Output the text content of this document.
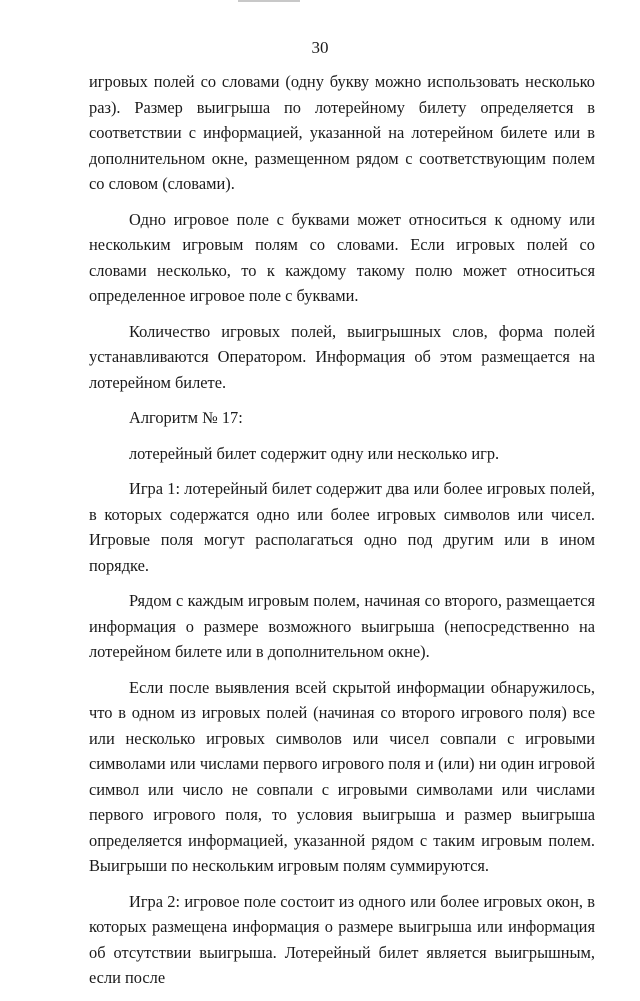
30

игровых полей со словами (одну букву можно использовать несколько раз). Размер выигрыша по лотерейному билету определяется в соответствии с информацией, указанной на лотерейном билете или в дополнительном окне, размещенном рядом с соответствующим полем со словом (словами).

Одно игровое поле с буквами может относиться к одному или нескольким игровым полям со словами. Если игровых полей со словами несколько, то к каждому такому полю может относиться определенное игровое поле с буквами.

Количество игровых полей, выигрышных слов, форма полей устанавливаются Оператором. Информация об этом размещается на лотерейном билете.

Алгоритм № 17:

лотерейный билет содержит одну или несколько игр.

Игра 1: лотерейный билет содержит два или более игровых полей, в которых содержатся одно или более игровых символов или чисел. Игровые поля могут располагаться одно под другим или в ином порядке.

Рядом с каждым игровым полем, начиная со второго, размещается информация о размере возможного выигрыша (непосредственно на лотерейном билете или в дополнительном окне).

Если после выявления всей скрытой информации обнаружилось, что в одном из игровых полей (начиная со второго игрового поля) все или несколько игровых символов или чисел совпали с игровыми символами или числами первого игрового поля и (или) ни один игровой символ или число не совпали с игровыми символами или числами первого игрового поля, то условия выигрыша и размер выигрыша определяется информацией, указанной рядом с таким игровым полем. Выигрыши по нескольким игровым полям суммируются.

Игра 2: игровое поле состоит из одного или более игровых окон, в которых размещена информация о размере выигрыша или информация об отсутствии выигрыша. Лотерейный билет является выигрышным, если после
